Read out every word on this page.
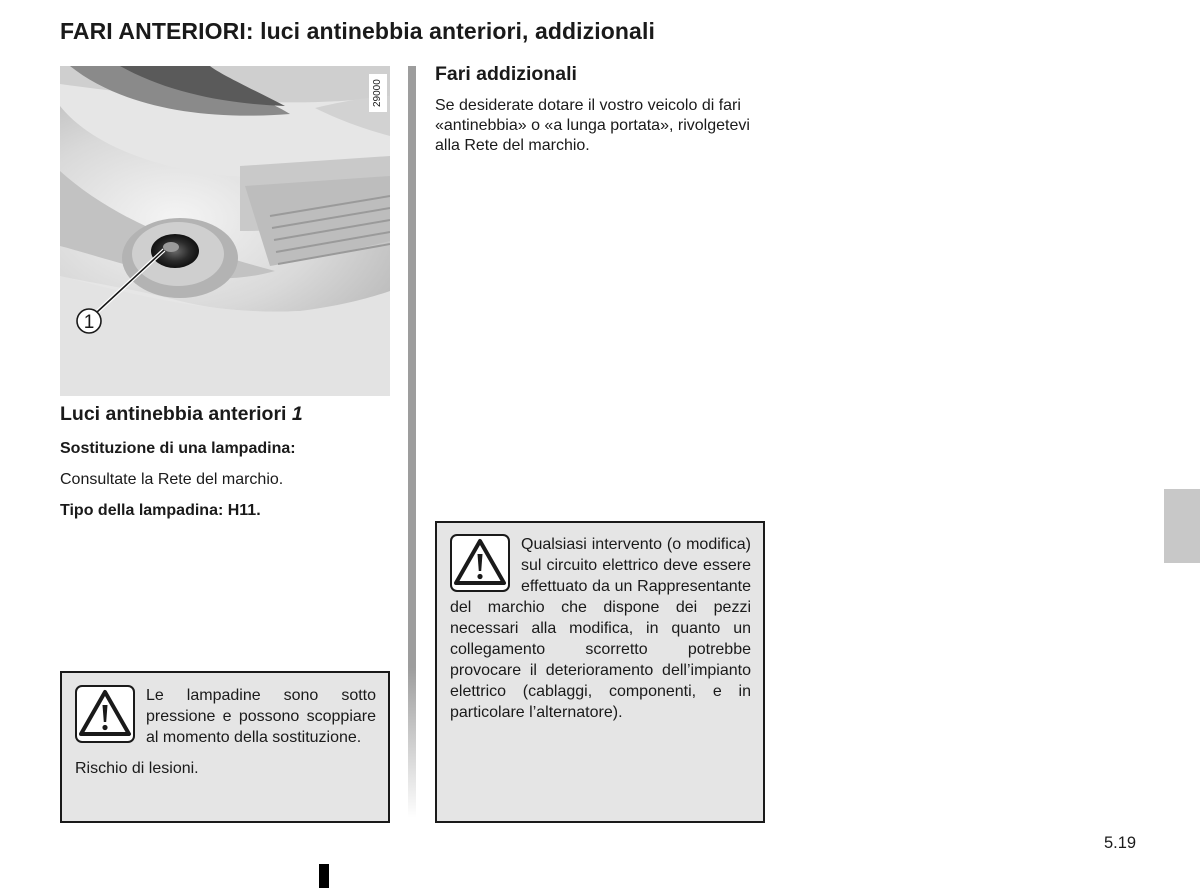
FARI ANTERIORI: luci antinebbia anteriori, addizionali
1
29000
Luci antinebbia anteriori 1

Sostituzione di una lampadina:

Consultate la Rete del marchio.

Tipo della lampadina: H11.

Fari addizionali

Se desiderate dotare il vostro veicolo di fari «antinebbia» o «a lunga portata», rivolgetevi alla Rete del marchio.

Le lampadine sono sotto pressione e possono scoppiare al momento della sostituzione.

Rischio di lesioni.

Qualsiasi intervento (o modifica) sul circuito elettrico deve essere effettuato da un Rappresentante del marchio che dispone dei pezzi necessari alla modifica, in quanto un collegamento scorretto potrebbe provocare il deterioramento dell’impianto elettrico (cablaggi, componenti, e in particolare l’alternatore).

5.19
